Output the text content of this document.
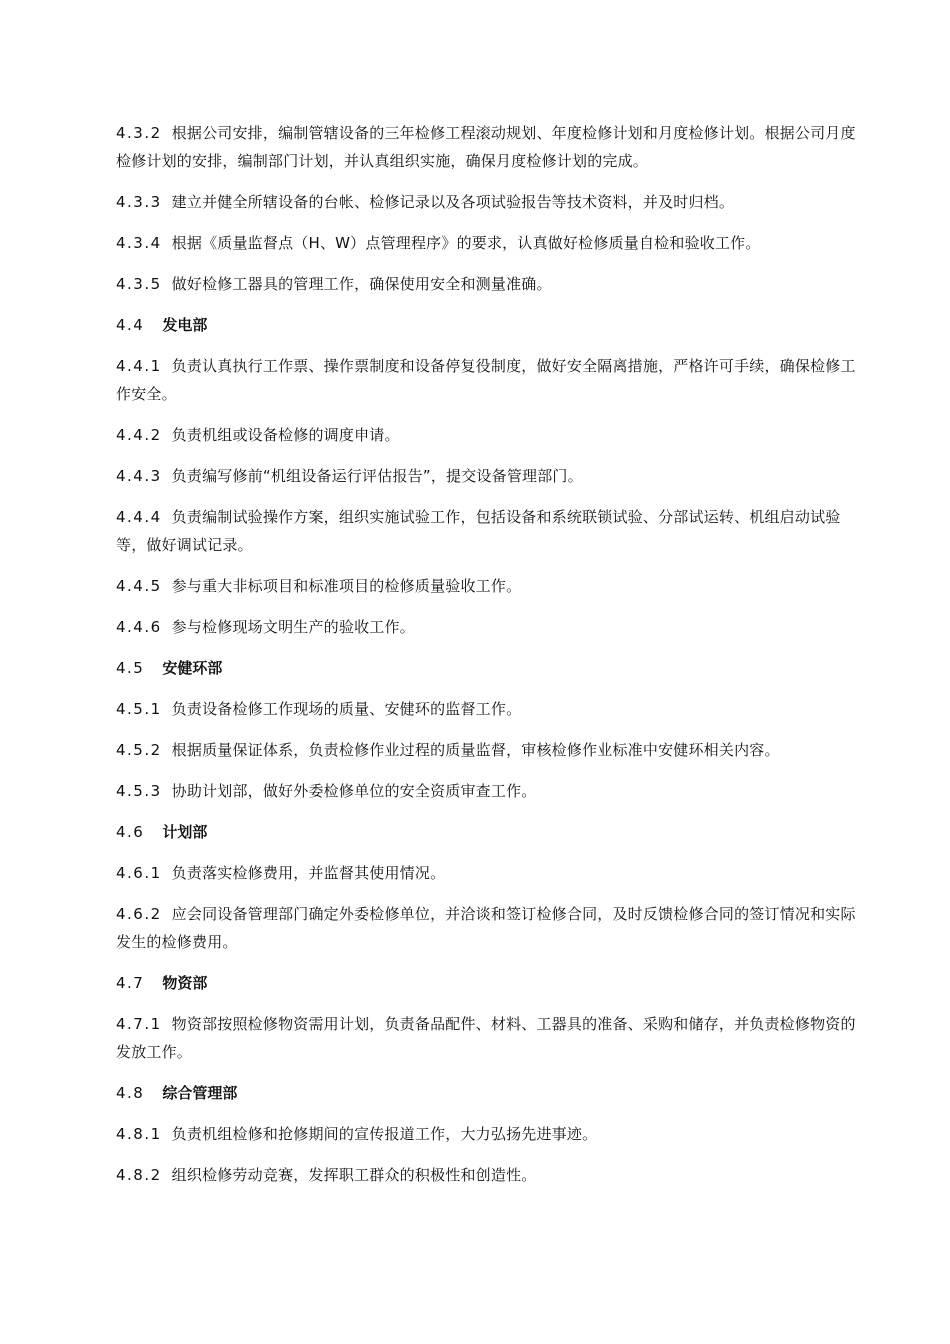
4.3.2 根据公司安排，编制管辖设备的三年检修工程滚动规划、年度检修计划和月度检修计划。根据公司月度检修计划的安排，编制部门计划，并认真组织实施，确保月度检修计划的完成。

4.3.3 建立并健全所辖设备的台帐、检修记录以及各项试验报告等技术资料，并及时归档。

4.3.4 根据《质量监督点（H、W）点管理程序》的要求，认真做好检修质量自检和验收工作。

4.3.5 做好检修工器具的管理工作，确保使用安全和测量准确。

4.4 发电部

4.4.1 负责认真执行工作票、操作票制度和设备停复役制度，做好安全隔离措施，严格许可手续，确保检修工作安全。

4.4.2 负责机组或设备检修的调度申请。

4.4.3 负责编写修前“机组设备运行评估报告”，提交设备管理部门。

4.4.4 负责编制试验操作方案，组织实施试验工作，包括设备和系统联锁试验、分部试运转、机组启动试验等，做好调试记录。

4.4.5 参与重大非标项目和标准项目的检修质量验收工作。

4.4.6 参与检修现场文明生产的验收工作。

4.5 安健环部

4.5.1 负责设备检修工作现场的质量、安健环的监督工作。

4.5.2 根据质量保证体系，负责检修作业过程的质量监督，审核检修作业标准中安健环相关内容。

4.5.3 协助计划部，做好外委检修单位的安全资质审查工作。

4.6 计划部

4.6.1 负责落实检修费用，并监督其使用情况。

4.6.2 应会同设备管理部门确定外委检修单位，并洽谈和签订检修合同，及时反馈检修合同的签订情况和实际发生的检修费用。

4.7 物资部

4.7.1 物资部按照检修物资需用计划，负责备品配件、材料、工器具的准备、采购和储存，并负责检修物资的发放工作。

4.8 综合管理部

4.8.1 负责机组检修和抢修期间的宣传报道工作，大力弘扬先进事迹。

4.8.2 组织检修劳动竞赛，发挥职工群众的积极性和创造性。
